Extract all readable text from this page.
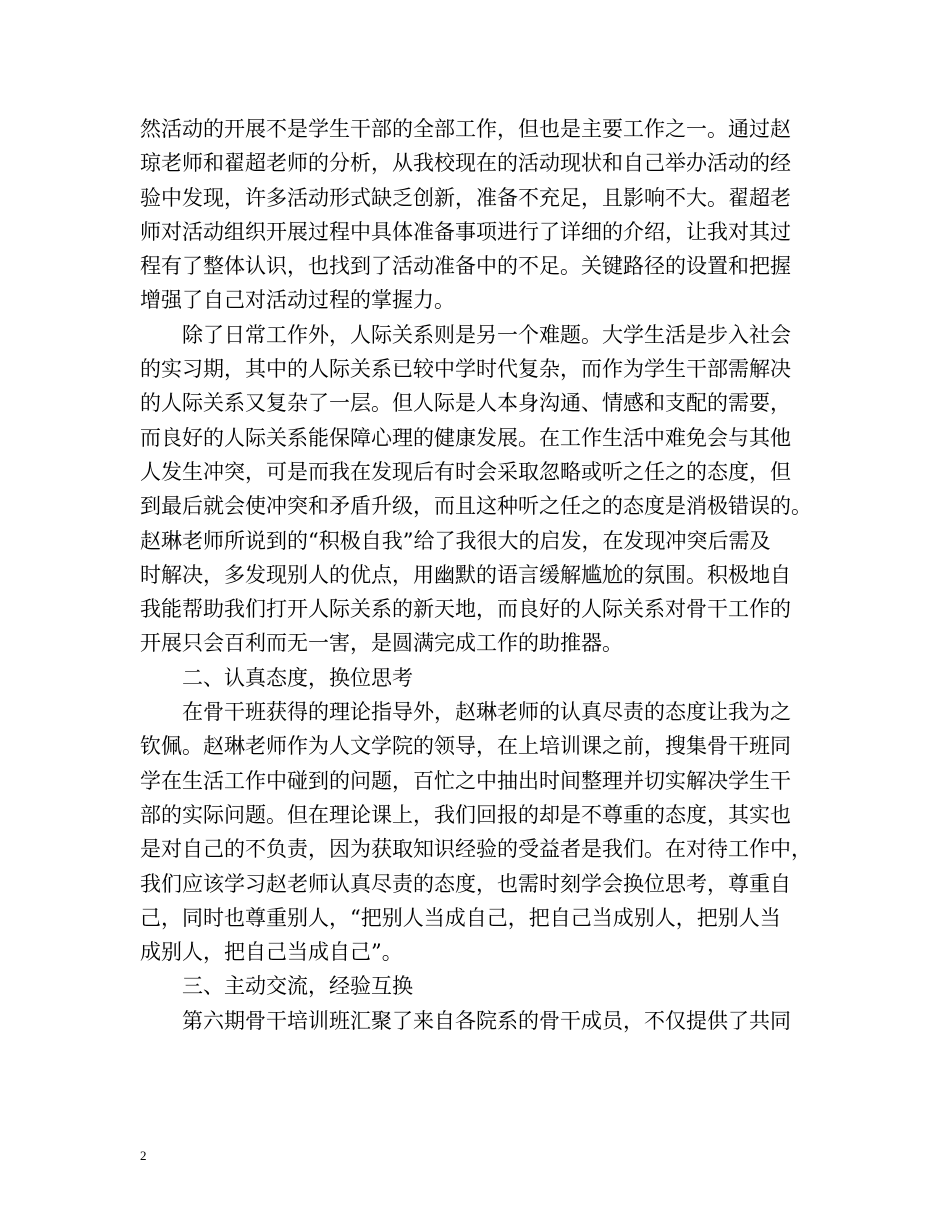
然活动的开展不是学生干部的全部工作，但也是主要工作之一。通过赵
琼老师和翟超老师的分析，从我校现在的活动现状和自己举办活动的经
验中发现，许多活动形式缺乏创新，准备不充足，且影响不大。翟超老
师对活动组织开展过程中具体准备事项进行了详细的介绍，让我对其过
程有了整体认识，也找到了活动准备中的不足。关键路径的设置和把握
增强了自己对活动过程的掌握力。
除了日常工作外，人际关系则是另一个难题。大学生活是步入社会
的实习期，其中的人际关系已较中学时代复杂，而作为学生干部需解决
的人际关系又复杂了一层。但人际是人本身沟通、情感和支配的需要，
而良好的人际关系能保障心理的健康发展。在工作生活中难免会与其他
人发生冲突，可是而我在发现后有时会采取忽略或听之任之的态度，但
到最后就会使冲突和矛盾升级，而且这种听之任之的态度是消极错误的。
赵琳老师所说到的“积极自我”给了我很大的启发，在发现冲突后需及
时解决，多发现别人的优点，用幽默的语言缓解尴尬的氛围。积极地自
我能帮助我们打开人际关系的新天地，而良好的人际关系对骨干工作的
开展只会百利而无一害，是圆满完成工作的助推器。
二、认真态度，换位思考
在骨干班获得的理论指导外，赵琳老师的认真尽责的态度让我为之
钦佩。赵琳老师作为人文学院的领导，在上培训课之前，搜集骨干班同
学在生活工作中碰到的问题，百忙之中抽出时间整理并切实解决学生干
部的实际问题。但在理论课上，我们回报的却是不尊重的态度，其实也
是对自己的不负责，因为获取知识经验的受益者是我们。在对待工作中，
我们应该学习赵老师认真尽责的态度，也需时刻学会换位思考，尊重自
己，同时也尊重别人，“把别人当成自己，把自己当成别人，把别人当
成别人，把自己当成自己”。
三、主动交流，经验互换
第六期骨干培训班汇聚了来自各院系的骨干成员，不仅提供了共同
2
